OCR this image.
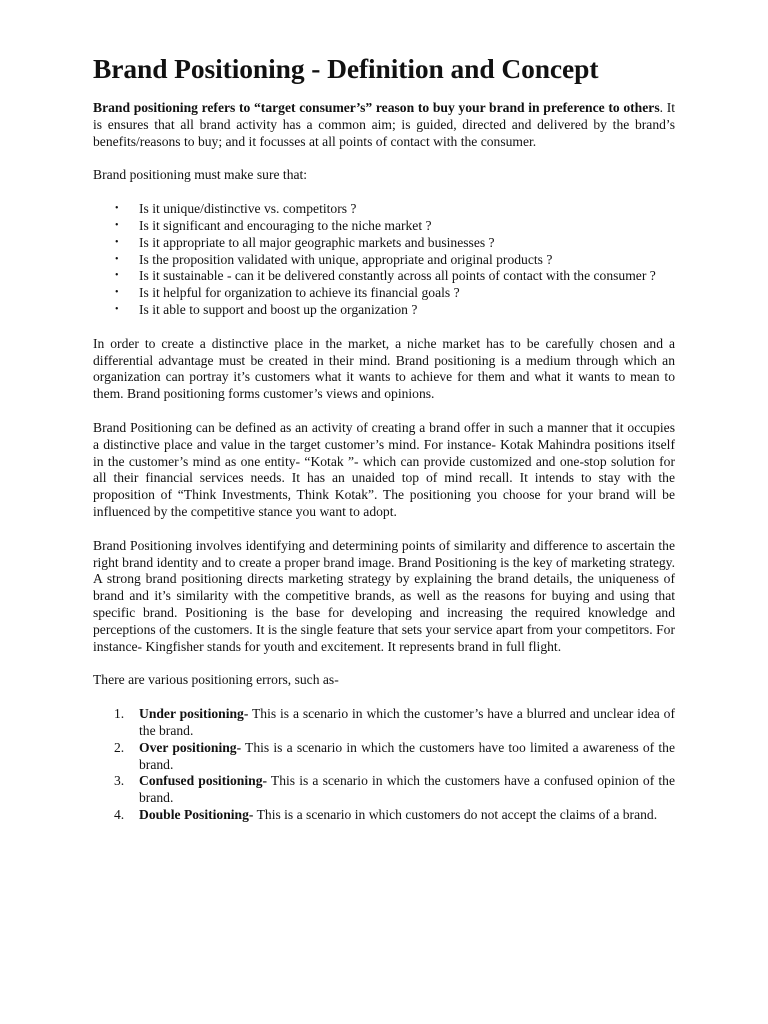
Brand Positioning - Definition and Concept

Brand positioning refers to “target consumer’s” reason to buy your brand in preference to others. It is ensures that all brand activity has a common aim; is guided, directed and delivered by the brand’s benefits/reasons to buy; and it focusses at all points of contact with the consumer.

Brand positioning must make sure that:

• Is it unique/distinctive vs. competitors ?
• Is it significant and encouraging to the niche market ?
• Is it appropriate to all major geographic markets and businesses ?
• Is the proposition validated with unique, appropriate and original products ?
• Is it sustainable - can it be delivered constantly across all points of contact with the consumer ?
• Is it helpful for organization to achieve its financial goals ?
• Is it able to support and boost up the organization ?

In order to create a distinctive place in the market, a niche market has to be carefully chosen and a differential advantage must be created in their mind. Brand positioning is a medium through which an organization can portray it’s customers what it wants to achieve for them and what it wants to mean to them. Brand positioning forms customer’s views and opinions.

Brand Positioning can be defined as an activity of creating a brand offer in such a manner that it occupies a distinctive place and value in the target customer’s mind. For instance- Kotak Mahindra positions itself in the customer’s mind as one entity- “Kotak ”- which can provide customized and one-stop solution for all their financial services needs. It has an unaided top of mind recall. It intends to stay with the proposition of “Think Investments, Think Kotak”. The positioning you choose for your brand will be influenced by the competitive stance you want to adopt.

Brand Positioning involves identifying and determining points of similarity and difference to ascertain the right brand identity and to create a proper brand image. Brand Positioning is the key of marketing strategy. A strong brand positioning directs marketing strategy by explaining the brand details, the uniqueness of brand and it’s similarity with the competitive brands, as well as the reasons for buying and using that specific brand. Positioning is the base for developing and increasing the required knowledge and perceptions of the customers. It is the single feature that sets your service apart from your competitors. For instance- Kingfisher stands for youth and excitement. It represents brand in full flight.

There are various positioning errors, such as-

1. Under positioning- This is a scenario in which the customer’s have a blurred and unclear idea of the brand.
2. Over positioning- This is a scenario in which the customers have too limited a awareness of the brand.
3. Confused positioning- This is a scenario in which the customers have a confused opinion of the brand.
4. Double Positioning- This is a scenario in which customers do not accept the claims of a brand.
